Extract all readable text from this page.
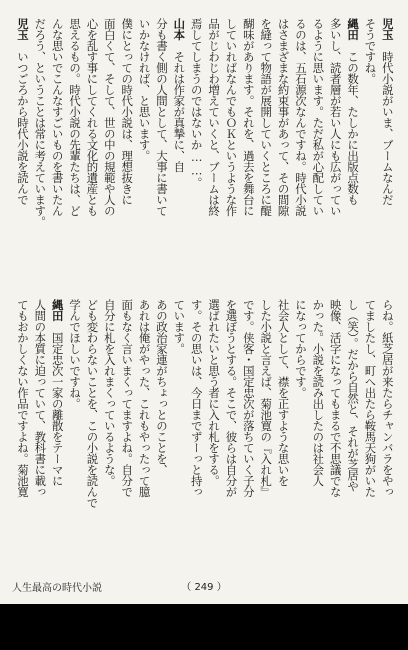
児玉　時代小説がいま、ブームなんだ
そうですね。
縄田　この数年、たしかに出版点数も
多いし、読者層が若い人にも広がってい
るように思います。ただ私が心配してい
るのは、五石源次なんですね。時代小説
はさまざまな約束事があって、その間隙
を縫って物語が展開していくところに醍
醐味があります。それを、過去を舞台に
していればなんでもＯＫというような作
品がじわじわ増えていくと、ブームは終
焉してしまうのではないか……。
山本　それは作家が真摯に、自
分も書く側の人間として、大事に書いて
いかなければ、と思います。
僕にとっての時代小説は、理想抜きに
面白くて、そして、世の中の規範や人の
心を乱す事にしてくれる文化的遺産とも
思えるもの。時代小説の先輩たちは、ど
んな思いでこんなすごいものを書いたん
だろう、ということは常に考えています。
児玉　いつごろから時代小説を読んで
らね。紙芝居が来たらチャンバラをやっ
てましたし、町へ出たら鞍馬天狗がいた
し（笑）。だから自然と、それが芝居や
映像、活字になってもまるで不思議でな
かった。小説を読み出したのは社会人
になってからです。
社会人として、襟を正すような思いを
した小説と言えば、菊池寛の『入れ札』
です。侠客・国定忠次が落ちていく子分
を選ぼうとする。そこで、彼らは自分が
選ばれたいと思う者に入れ札をする。
す。その思いは、今日までずーっと持っ
ています。
あの政治家連がちょっとのことを、
あれは俺がやった、これもやったって臆
面もなく言いまくってますよね。自分で
自分に札を入れまくっているような。
ども変わらないことを、この小説を読んで
学んでほしいですね。
縄田　国定忠次一家の離散をテーマに
人間の本質に迫っていて、教科書に載っ
てもおかしくない作品ですよね。菊池寛
人生最高の時代小説	（ 249 ）
